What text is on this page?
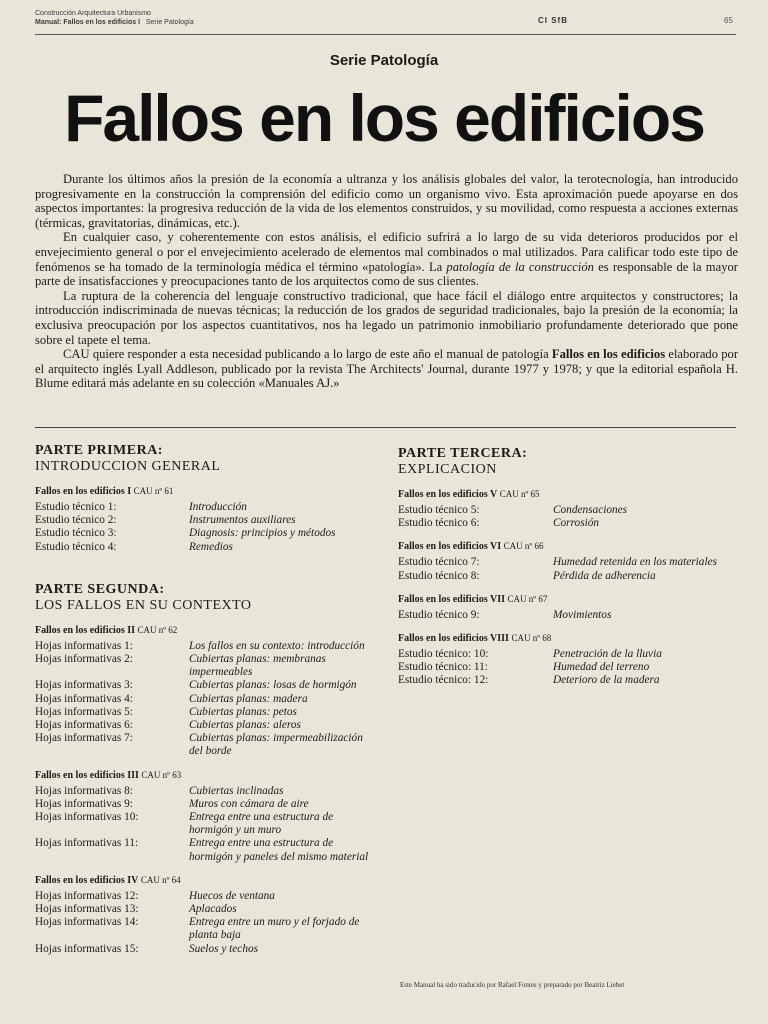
Construcción Arquitectura Urbanismo
Manual: Fallos en los edificios I Serie Patología	CI SfB	65
Serie Patología
Fallos en los edificios

Durante los últimos años la presión de la economía a ultranza y los análisis globales del valor, la terotecnología, han introducido progresivamente en la construcción la comprensión del edificio como un organismo vivo. Esta aproximación puede apoyarse en dos aspectos importantes: la progresiva reducción de la vida de los elementos construidos, y su movilidad, como respuesta a acciones externas (térmicas, gravitatorias, dinámicas, etc.).

En cualquier caso, y coherentemente con estos análisis, el edificio sufrirá a lo largo de su vida deterioros producidos por el envejecimiento general o por el envejecimiento acelerado de elementos mal combinados o mal utilizados. Para calificar todo este tipo de fenómenos se ha tomado de la terminología médica el término «patología». La patología de la construcción es responsable de la mayor parte de insatisfacciones y preocupaciones tanto de los arquitectos como de sus clientes.

La ruptura de la coherencia del lenguaje constructivo tradicional, que hace fácil el diálogo entre arquitectos y constructores; la introducción indiscriminada de nuevas técnicas; la reducción de los grados de seguridad tradicionales, bajo la presión de la economía; la exclusiva preocupación por los aspectos cuantitativos, nos ha legado un patrimonio inmobiliario profundamente deteriorado que pone sobre el tapete el tema.

CAU quiere responder a esta necesidad publicando a lo largo de este año el manual de patología Fallos en los edificios elaborado por el arquitecto inglés Lyall Addleson, publicado por la revista The Architects' Journal, durante 1977 y 1978; y que la editorial española H. Blume editará más adelante en su colección «Manuales AJ.»

PARTE PRIMERA:
INTRODUCCION GENERAL
Fallos en los edificios I CAU nº 61
Estudio técnico 1:	Introducción
Estudio técnico 2:	Instrumentos auxiliares
Estudio técnico 3:	Diagnosis: principios y métodos
Estudio técnico 4:	Remedios
PARTE SEGUNDA:
LOS FALLOS EN SU CONTEXTO
Fallos en los edificios II CAU nº 62
Hojas informativas 1:	Los fallos en su contexto: introducción
Hojas informativas 2:	Cubiertas planas: membranas impermeables
Hojas informativas 3:	Cubiertas planas: losas de hormigón
Hojas informativas 4:	Cubiertas planas: madera
Hojas informativas 5:	Cubiertas planas: petos
Hojas informativas 6:	Cubiertas planas: aleros
Hojas informativas 7:	Cubiertas planas: impermeabilización del borde
Fallos en los edificios III CAU nº 63
Hojas informativas 8:	Cubiertas inclinadas
Hojas informativas 9:	Muros con cámara de aire
Hojas informativas 10:	Entrega entre una estructura de hormigón y un muro
Hojas informativas 11:	Entrega entre una estructura de hormigón y paneles del mismo material
Fallos en los edificios IV CAU nº 64
Hojas informativas 12:	Huecos de ventana
Hojas informativas 13:	Aplacados
Hojas informativas 14:	Entrega entre un muro y el forjado de planta baja
Hojas informativas 15:	Suelos y techos
PARTE TERCERA:
EXPLICACION
Fallos en los edificios V CAU nº 65
Estudio técnico 5:	Condensaciones
Estudio técnico 6:	Corrosión
Fallos en los edificios VI CAU nº 66
Estudio técnico 7:	Humedad retenida en los materiales
Estudio técnico 8:	Pérdida de adherencia
Fallos en los edificios VII CAU nº 67
Estudio técnico 9:	Movimientos
Fallos en los edificios VIII CAU nº 68
Estudio técnico: 10:	Penetración de la lluvia
Estudio técnico: 11:	Humedad del terreno
Estudio técnico: 12:	Deterioro de la madera
Este Manual ha sido traducido por Rafael Fontes y preparado por Beatriz Liebet
